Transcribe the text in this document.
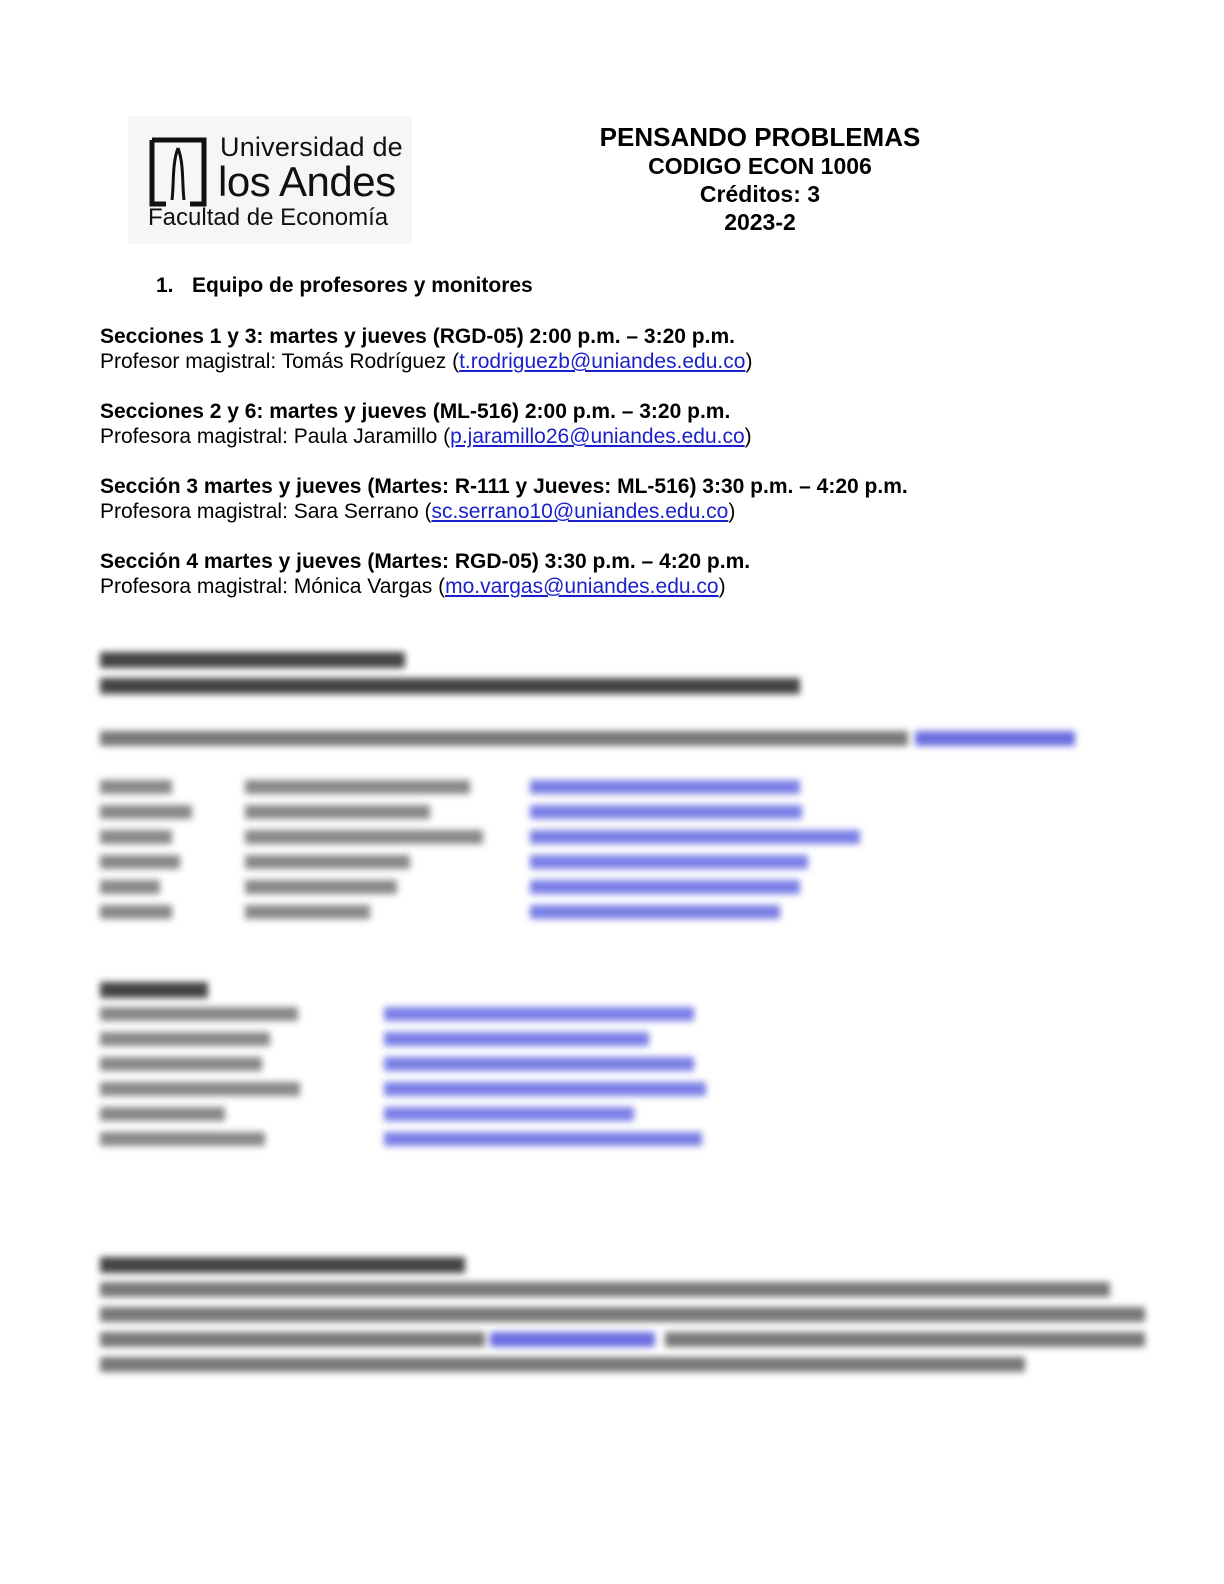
Universidad de
los Andes
Facultad de Economía
PENSANDO PROBLEMAS
CODIGO ECON 1006
Créditos: 3
2023-2
1. Equipo de profesores y monitores
Secciones 1 y 3: martes y jueves (RGD-05) 2:00 p.m. – 3:20 p.m.
Profesor magistral: Tomás Rodríguez (t.rodriguezb@uniandes.edu.co)
Secciones 2 y 6: martes y jueves (ML-516) 2:00 p.m. – 3:20 p.m.
Profesora magistral: Paula Jaramillo (p.jaramillo26@uniandes.edu.co)
Sección 3 martes y jueves (Martes: R-111 y Jueves: ML-516) 3:30 p.m. – 4:20 p.m.
Profesora magistral: Sara Serrano (sc.serrano10@uniandes.edu.co)
Sección 4 martes y jueves (Martes: RGD-05) 3:30 p.m. – 4:20 p.m.
Profesora magistral: Mónica Vargas (mo.vargas@uniandes.edu.co)
